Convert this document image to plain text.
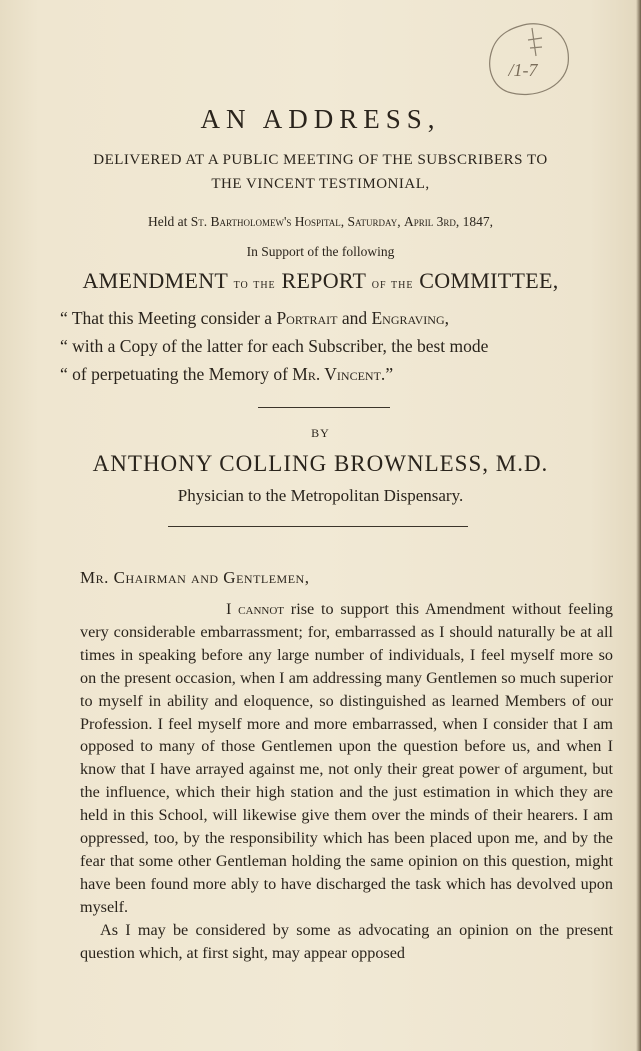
/1-7
AN ADDRESS,
DELIVERED AT A PUBLIC MEETING OF THE SUBSCRIBERS TO
THE VINCENT TESTIMONIAL,
Held at St. Bartholomew's Hospital, Saturday, April 3rd, 1847,
In Support of the following
AMENDMENT to the REPORT of the COMMITTEE,
“ That this Meeting consider a Portrait and Engraving,
“ with a Copy of the latter for each Subscriber, the best mode
“ of perpetuating the Memory of Mr. Vincent.”
BY
ANTHONY COLLING BROWNLESS, M.D.
Physician to the Metropolitan Dispensary.
Mr. Chairman and Gentlemen,

I cannot rise to support this Amendment without feeling very considerable embarrassment; for, embarrassed as I should naturally be at all times in speaking before any large number of individuals, I feel myself more so on the present occasion, when I am addressing many Gentlemen so much superior to myself in ability and eloquence, so distinguished as learned Members of our Profession. I feel myself more and more embarrassed, when I consider that I am opposed to many of those Gentlemen upon the question before us, and when I know that I have arrayed against me, not only their great power of argument, but the influence, which their high station and the just estimation in which they are held in this School, will likewise give them over the minds of their hearers. I am oppressed, too, by the responsibility which has been placed upon me, and by the fear that some other Gentleman holding the same opinion on this question, might have been found more ably to have discharged the task which has devolved upon myself.

As I may be considered by some as advocating an opinion on the present question which, at first sight, may appear opposed
